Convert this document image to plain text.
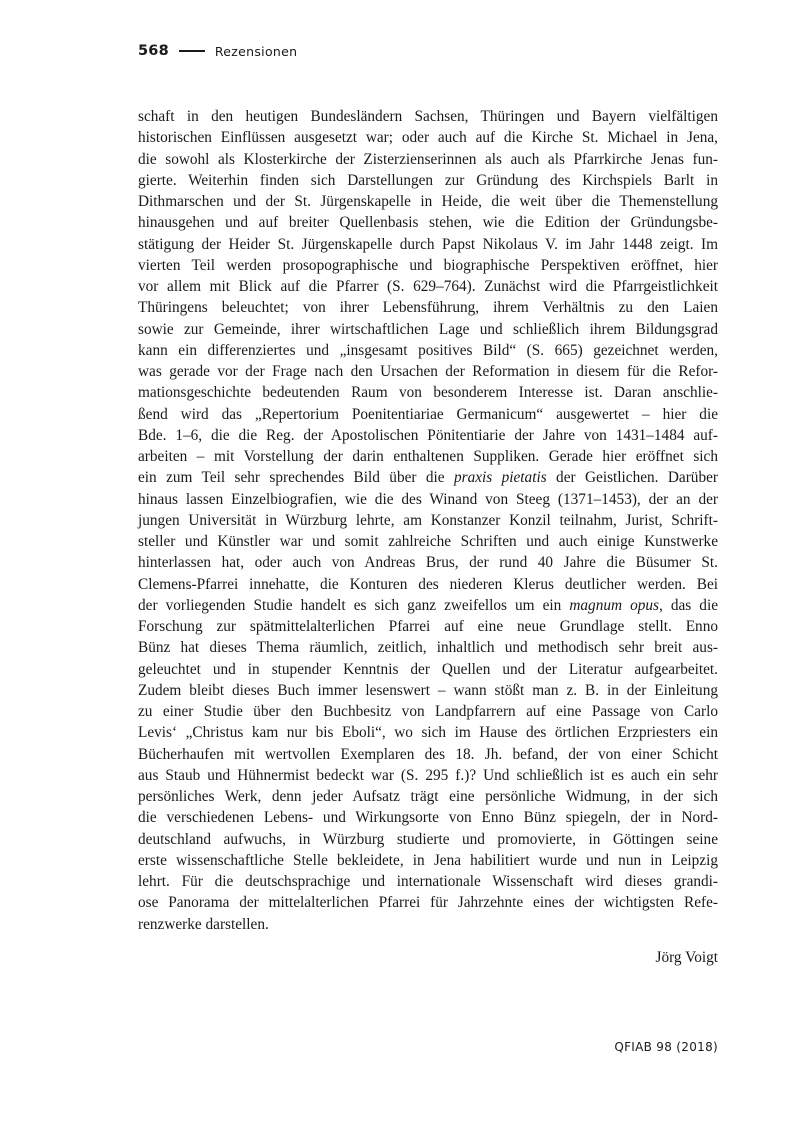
568	Rezensionen
schaft in den heutigen Bundesländern Sachsen, Thüringen und Bayern vielfältigen
historischen Einflüssen ausgesetzt war; oder auch auf die Kirche St. Michael in Jena,
die sowohl als Klosterkirche der Zisterzienserinnen als auch als Pfarrkirche Jenas fun-
gierte. Weiterhin finden sich Darstellungen zur Gründung des Kirchspiels Barlt in
Dithmarschen und der St. Jürgenskapelle in Heide, die weit über die Themenstellung
hinausgehen und auf breiter Quellenbasis stehen, wie die Edition der Gründungsbe-
stätigung der Heider St. Jürgenskapelle durch Papst Nikolaus V. im Jahr 1448 zeigt. Im
vierten Teil werden prosopographische und biographische Perspektiven eröffnet, hier
vor allem mit Blick auf die Pfarrer (S. 629–764). Zunächst wird die Pfarrgeistlichkeit
Thüringens beleuchtet; von ihrer Lebensführung, ihrem Verhältnis zu den Laien
sowie zur Gemeinde, ihrer wirtschaftlichen Lage und schließlich ihrem Bildungsgrad
kann ein differenziertes und „insgesamt positives Bild“ (S. 665) gezeichnet werden,
was gerade vor der Frage nach den Ursachen der Reformation in diesem für die Refor-
mationsgeschichte bedeutenden Raum von besonderem Interesse ist. Daran anschlie-
ßend wird das „Repertorium Poenitentiariae Germanicum“ ausgewertet – hier die
Bde. 1–6, die die Reg. der Apostolischen Pönitentiarie der Jahre von 1431–1484 auf-
arbeiten – mit Vorstellung der darin enthaltenen Suppliken. Gerade hier eröffnet sich
ein zum Teil sehr sprechendes Bild über die praxis pietatis der Geistlichen. Darüber
hinaus lassen Einzelbiografien, wie die des Winand von Steeg (1371–1453), der an der
jungen Universität in Würzburg lehrte, am Konstanzer Konzil teilnahm, Jurist, Schrift-
steller und Künstler war und somit zahlreiche Schriften und auch einige Kunstwerke
hinterlassen hat, oder auch von Andreas Brus, der rund 40 Jahre die Büsumer St.
Clemens-Pfarrei innehatte, die Konturen des niederen Klerus deutlicher werden. Bei
der vorliegenden Studie handelt es sich ganz zweifellos um ein magnum opus, das die
Forschung zur spätmittelalterlichen Pfarrei auf eine neue Grundlage stellt. Enno
Bünz hat dieses Thema räumlich, zeitlich, inhaltlich und methodisch sehr breit aus-
geleuchtet und in stupender Kenntnis der Quellen und der Literatur aufgearbeitet.
Zudem bleibt dieses Buch immer lesenswert – wann stößt man z. B. in der Einleitung
zu einer Studie über den Buchbesitz von Landpfarrern auf eine Passage von Carlo
Levis‘ „Christus kam nur bis Eboli“, wo sich im Hause des örtlichen Erzpriesters ein
Bücherhaufen mit wertvollen Exemplaren des 18. Jh. befand, der von einer Schicht
aus Staub und Hühnermist bedeckt war (S. 295 f.)? Und schließlich ist es auch ein sehr
persönliches Werk, denn jeder Aufsatz trägt eine persönliche Widmung, in der sich
die verschiedenen Lebens- und Wirkungsorte von Enno Bünz spiegeln, der in Nord-
deutschland aufwuchs, in Würzburg studierte und promovierte, in Göttingen seine
erste wissenschaftliche Stelle bekleidete, in Jena habilitiert wurde und nun in Leipzig
lehrt. Für die deutschsprachige und internationale Wissenschaft wird dieses grandi-
ose Panorama der mittelalterlichen Pfarrei für Jahrzehnte eines der wichtigsten Refe-
renzwerke darstellen.
Jörg Voigt
QFIAB 98 (2018)
